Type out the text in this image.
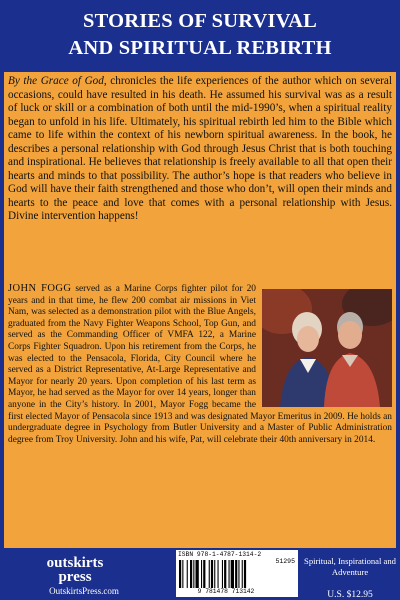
STORIES OF SURVIVAL
AND SPIRITUAL REBIRTH
By the Grace of God, chronicles the life experiences of the author which on several occasions, could have resulted in his death. He assumed his survival was as a result of luck or skill or a combination of both until the mid-1990’s, when a spiritual reality began to unfold in his life. Ultimately, his spiritual rebirth led him to the Bible which came to life within the context of his newborn spiritual awareness. In the book, he describes a personal relationship with God through Jesus Christ that is both touching and inspirational. He believes that relationship is freely available to all that open their hearts and minds to that possibility. The author’s hope is that readers who believe in God will have their faith strengthened and those who don’t, will open their minds and hearts to the peace and love that comes with a personal relationship with Jesus. Divine intervention happens!
JOHN FOGG served as a Marine Corps fighter pilot for 20 years and in that time, he flew 200 combat air missions in Viet Nam, was selected as a demonstration pilot with the Blue Angels, graduated from the Navy Fighter Weapons School, Top Gun, and served as the Commanding Officer of VMFA 122, a Marine Corps Fighter Squadron. Upon his retirement from the Corps, he was elected to the Pensacola, Florida, City Council where he served as a District Representative, At-Large Representative and Mayor for nearly 20 years. Upon completion of his last term as Mayor, he had served as the Mayor for over 14 years, longer than anyone in the City’s history. In 2001, Mayor Fogg became the first elected Mayor of Pensacola since 1913 and was designated Mayor Emeritus in 2009. He holds an undergraduate degree in Psychology from Butler University and a Master of Public Administration degree from Troy University. John and his wife, Pat, will celebrate their 40th anniversary in 2014.
outskirts
press
OutskirtsPress.com
ISBN 978-1-4787-1314-2
51295
9 781478 713142
Spiritual, Inspirational and Adventure
U.S. $12.95
